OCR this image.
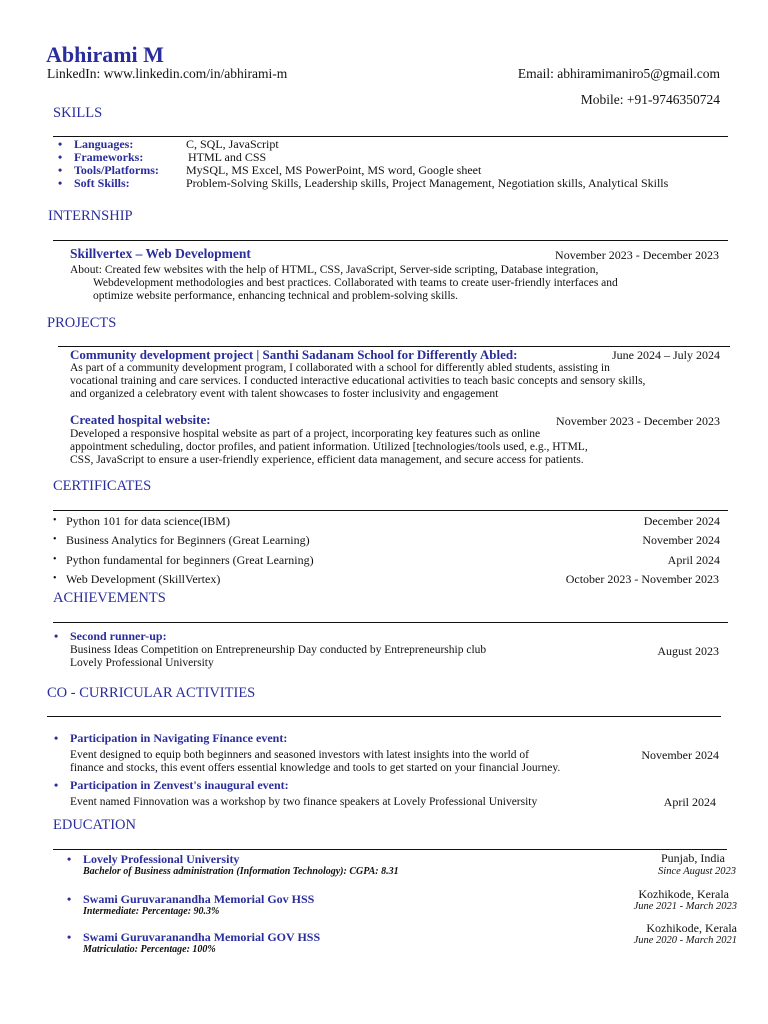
Abhirami M
LinkedIn: www.linkedin.com/in/abhirami-m	Email: abhiramimaniro5@gmail.com
Mobile: +91-9746350724
SKILLS
• Languages:	C, SQL, JavaScript
• Frameworks:	HTML and CSS
• Tools/Platforms: MySQL, MS Excel, MS PowerPoint, MS word, Google sheet
• Soft Skills:	Problem-Solving Skills, Leadership skills, Project Management, Negotiation skills, Analytical Skills
INTERNSHIP
Skillvertex – Web Development	November 2023 - December 2023
About: Created few websites with the help of HTML, CSS, JavaScript, Server-side scripting, Database integration,
Webdevelopment methodologies and best practices. Collaborated with teams to create user-friendly interfaces and
optimize website performance, enhancing technical and problem-solving skills.
PROJECTS
Community development project | Santhi Sadanam School for Differently Abled:	June 2024 – July 2024
As part of a community development program, I collaborated with a school for differently abled students, assisting in
vocational training and care services. I conducted interactive educational activities to teach basic concepts and sensory skills,
and organized a celebratory event with talent showcases to foster inclusivity and engagement
Created hospital website:	November 2023 - December 2023
Developed a responsive hospital website as part of a project, incorporating key features such as online
appointment scheduling, doctor profiles, and patient information. Utilized [technologies/tools used, e.g., HTML,
CSS, JavaScript to ensure a user-friendly experience, efficient data management, and secure access for patients.
CERTIFICATES
• Python 101 for data science(IBM)	December 2024
• Business Analytics for Beginners (Great Learning)	November 2024
• Python fundamental for beginners (Great Learning)	April 2024
• Web Development (SkillVertex)	October 2023 - November 2023
ACHIEVEMENTS
• Second runner-up:
Business Ideas Competition on Entrepreneurship Day conducted by Entrepreneurship club
Lovely Professional University
August 2023
CO - CURRICULAR ACTIVITIES
• Participation in Navigating Finance event:
Event designed to equip both beginners and seasoned investors with latest insights into the world of
finance and stocks, this event offers essential knowledge and tools to get started on your financial Journey.
November 2024
• Participation in Zenvest's inaugural event:
Event named Finnovation was a workshop by two finance speakers at Lovely Professional University	April 2024
EDUCATION
• Lovely Professional University
Bachelor of Business administration (Information Technology): CGPA: 8.31
Punjab, India
Since August 2023
• Swami Guruvaranandha Memorial Gov HSS
Intermediate: Percentage: 90.3%
Kozhikode, Kerala
June 2021 - March 2023
• Swami Guruvaranandha Memorial GOV HSS
Matriculatio: Percentage: 100%
Kozhikode, Kerala
June 2020 - March 2021
